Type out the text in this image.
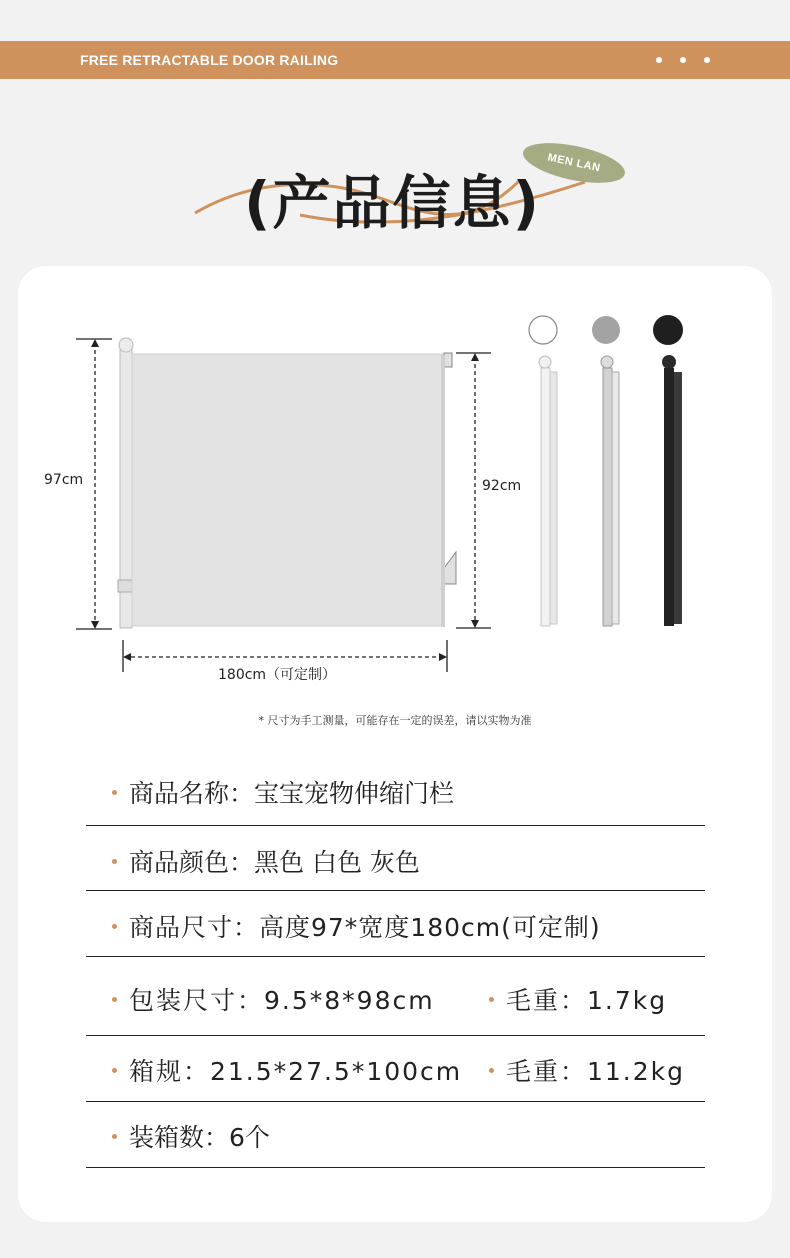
FREE RETRACTABLE DOOR RAILING
(产品信息)
MEN LAN
97cm	92cm
180cm（可定制）
* 尺寸为手工测量，可能存在一定的误差，请以实物为准
商品名称：宝宝宠物伸缩门栏
商品颜色：黑色 白色 灰色
商品尺寸：高度97*宽度180cm(可定制)
包装尺寸：9.5*8*98cm	毛重：1.7kg
箱规：21.5*27.5*100cm 毛重：11.2kg
装箱数：6个
